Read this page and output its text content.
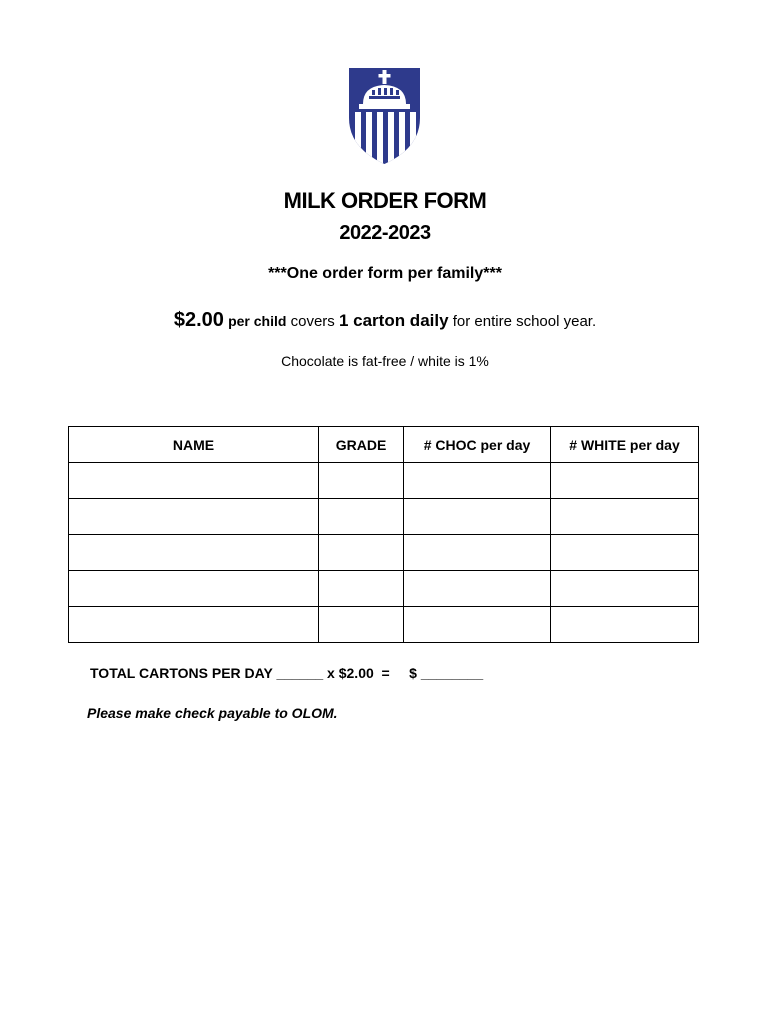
MILK ORDER FORM
2022-2023
***One order form per family***
$2.00 per child covers 1 carton daily for entire school year.
Chocolate is fat-free / white is 1%
NAME	GRADE	# CHOC per day	# WHITE per day

TOTAL CARTONS PER DAY ______ x $2.00  =     $ ________
Please make check payable to OLOM.
